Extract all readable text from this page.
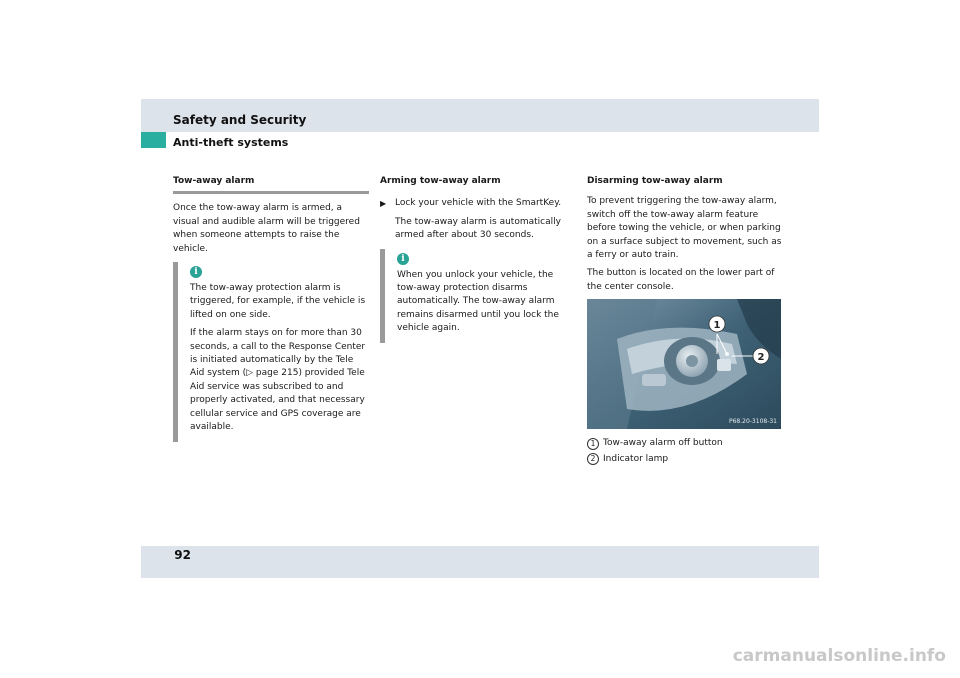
Safety and Security
Anti-theft systems
Tow-away alarm

Once the tow-away alarm is armed, a visual and audible alarm will be triggered when someone attempts to raise the vehicle.

i

The tow-away protection alarm is triggered, for example, if the vehicle is lifted on one side.

If the alarm stays on for more than 30 seconds, a call to the Response Center is initiated automatically by the Tele Aid system (▷ page 215) provided Tele Aid service was subscribed to and properly activated, and that necessary cellular service and GPS coverage are available.

Arming tow-away alarm
▶ Lock your vehicle with the SmartKey.

The tow-away alarm is automatically armed after about 30 seconds.

i

When you unlock your vehicle, the tow-away protection disarms automatically. The tow-away alarm remains disarmed until you lock the vehicle again.

Disarming tow-away alarm

To prevent triggering the tow-away alarm, switch off the tow-away alarm feature before towing the vehicle, or when parking on a surface subject to movement, such as a ferry or auto train.

The button is located on the lower part of the center console.

1
2
P68.20-3108-31
1 Tow-away alarm off button
2 Indicator lamp
92
carmanualsonline.info
